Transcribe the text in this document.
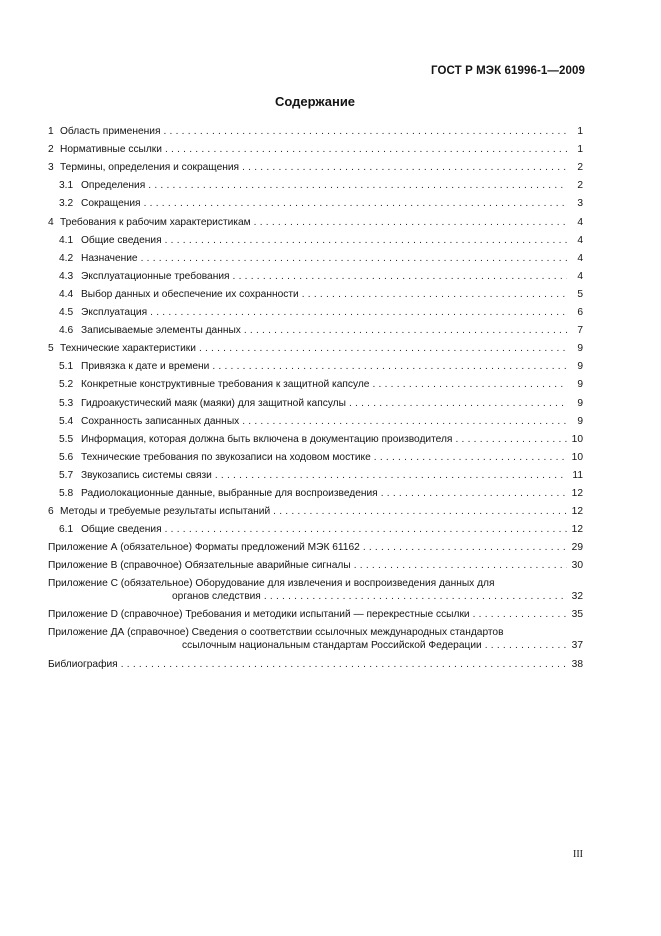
ГОСТ Р МЭК 61996-1—2009
Содержание
1 Область применения . . .	1
2 Нормативные ссылки . . .	1
3 Термины, определения и сокращения . . .	2
3.1 Определения . . .	2
3.2 Сокращения . . .	3
4 Требования к рабочим характеристикам . . .	4
4.1 Общие сведения . . .	4
4.2 Назначение . . .	4
4.3 Эксплуатационные требования . . .	4
4.4 Выбор данных и обеспечение их сохранности . . .	5
4.5 Эксплуатация . . .	6
4.6 Записываемые элементы данных . . .	7
5 Технические характеристики . . .	9
5.1 Привязка к дате и времени . . .	9
5.2 Конкретные конструктивные требования к защитной капсуле . . .	9
5.3 Гидроакустический маяк (маяки) для защитной капсулы . . .	9
5.4 Сохранность записанных данных . . .	9
5.5 Информация, которая должна быть включена в документацию производителя . . .	10
5.6 Технические требования по звукозаписи на ходовом мостике . . .	10
5.7 Звукозапись системы связи . . .	11
5.8 Радиолокационные данные, выбранные для воспроизведения . . .	12
6 Методы и требуемые результаты испытаний . . .	12
6.1 Общие сведения . . .	12
Приложение А (обязательное) Форматы предложений МЭК 61162 . . .	29
Приложение В (справочное) Обязательные аварийные сигналы . . .	30
Приложение С (обязательное) Оборудование для извлечения и воспроизведения данных для
органов следствия . . .	32
Приложение D (справочное) Требования и методики испытаний — перекрестные ссылки . . .	35
Приложение ДА (справочное) Сведения о соответствии ссылочных международных стандартов
ссылочным национальным стандартам Российской Федерации . . .	37
Библиография . . .	38
III
